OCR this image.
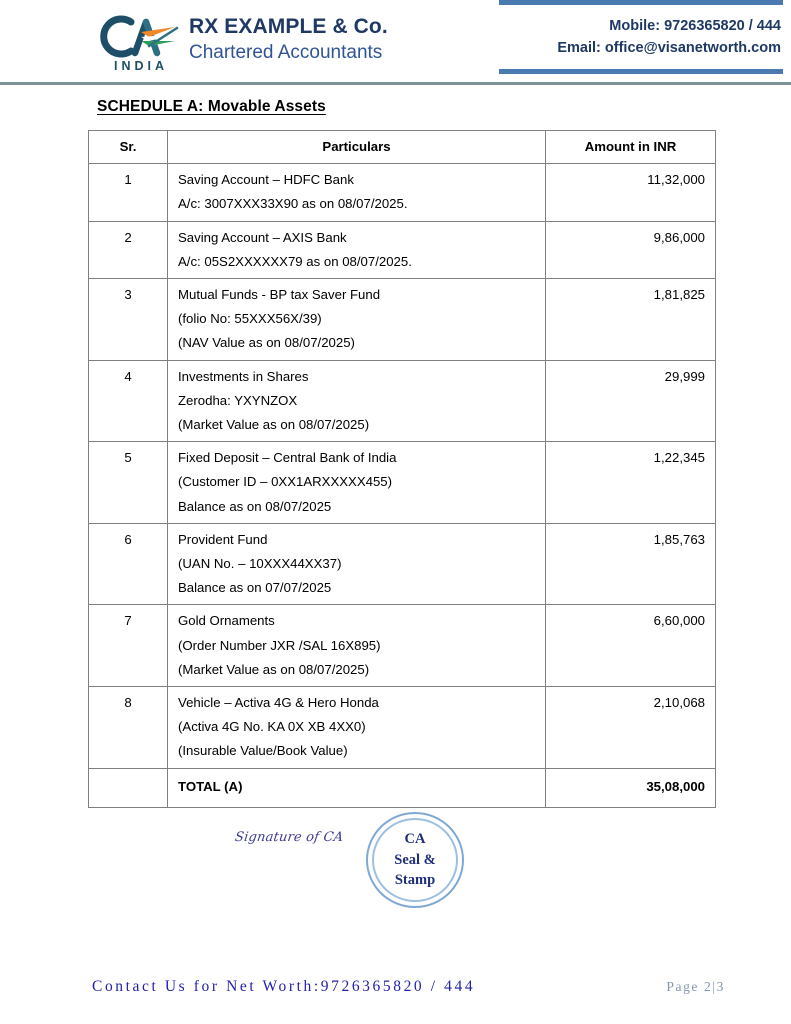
INDIA
RX EXAMPLE & Co.
Chartered Accountants
Mobile: 9726365820 / 444
Email: office@visanetworth.com
SCHEDULE A: Movable Assets
Sr.	Particulars	Amount in INR
1	Saving Account – HDFC Bank
A/c: 3007XXX33X90 as on 08/07/2025.	11,32,000
2	Saving Account – AXIS Bank
A/c: 05S2XXXXXX79 as on 08/07/2025.	9,86,000
3	Mutual Funds - BP tax Saver Fund
(folio No: 55XXX56X/39)
(NAV Value as on 08/07/2025)	1,81,825
4	Investments in Shares
Zerodha: YXYNZOX
(Market Value as on 08/07/2025)	29,999
5	Fixed Deposit – Central Bank of India
(Customer ID – 0XX1ARXXXXX455)
Balance as on 08/07/2025	1,22,345
6	Provident Fund
(UAN No. – 10XXX44XX37)
Balance as on 07/07/2025	1,85,763
7	Gold Ornaments
(Order Number JXR /SAL 16X895)
(Market Value as on 08/07/2025)	6,60,000
8	Vehicle – Activa 4G & Hero Honda
(Activa 4G No. KA 0X XB 4XX0)
(Insurable Value/Book Value)	2,10,068

	TOTAL (A)	35,08,000
Signature of CA	CA
Seal &
Stamp
Contact Us for Net Worth:9726365820 / 444	Page 2|3
